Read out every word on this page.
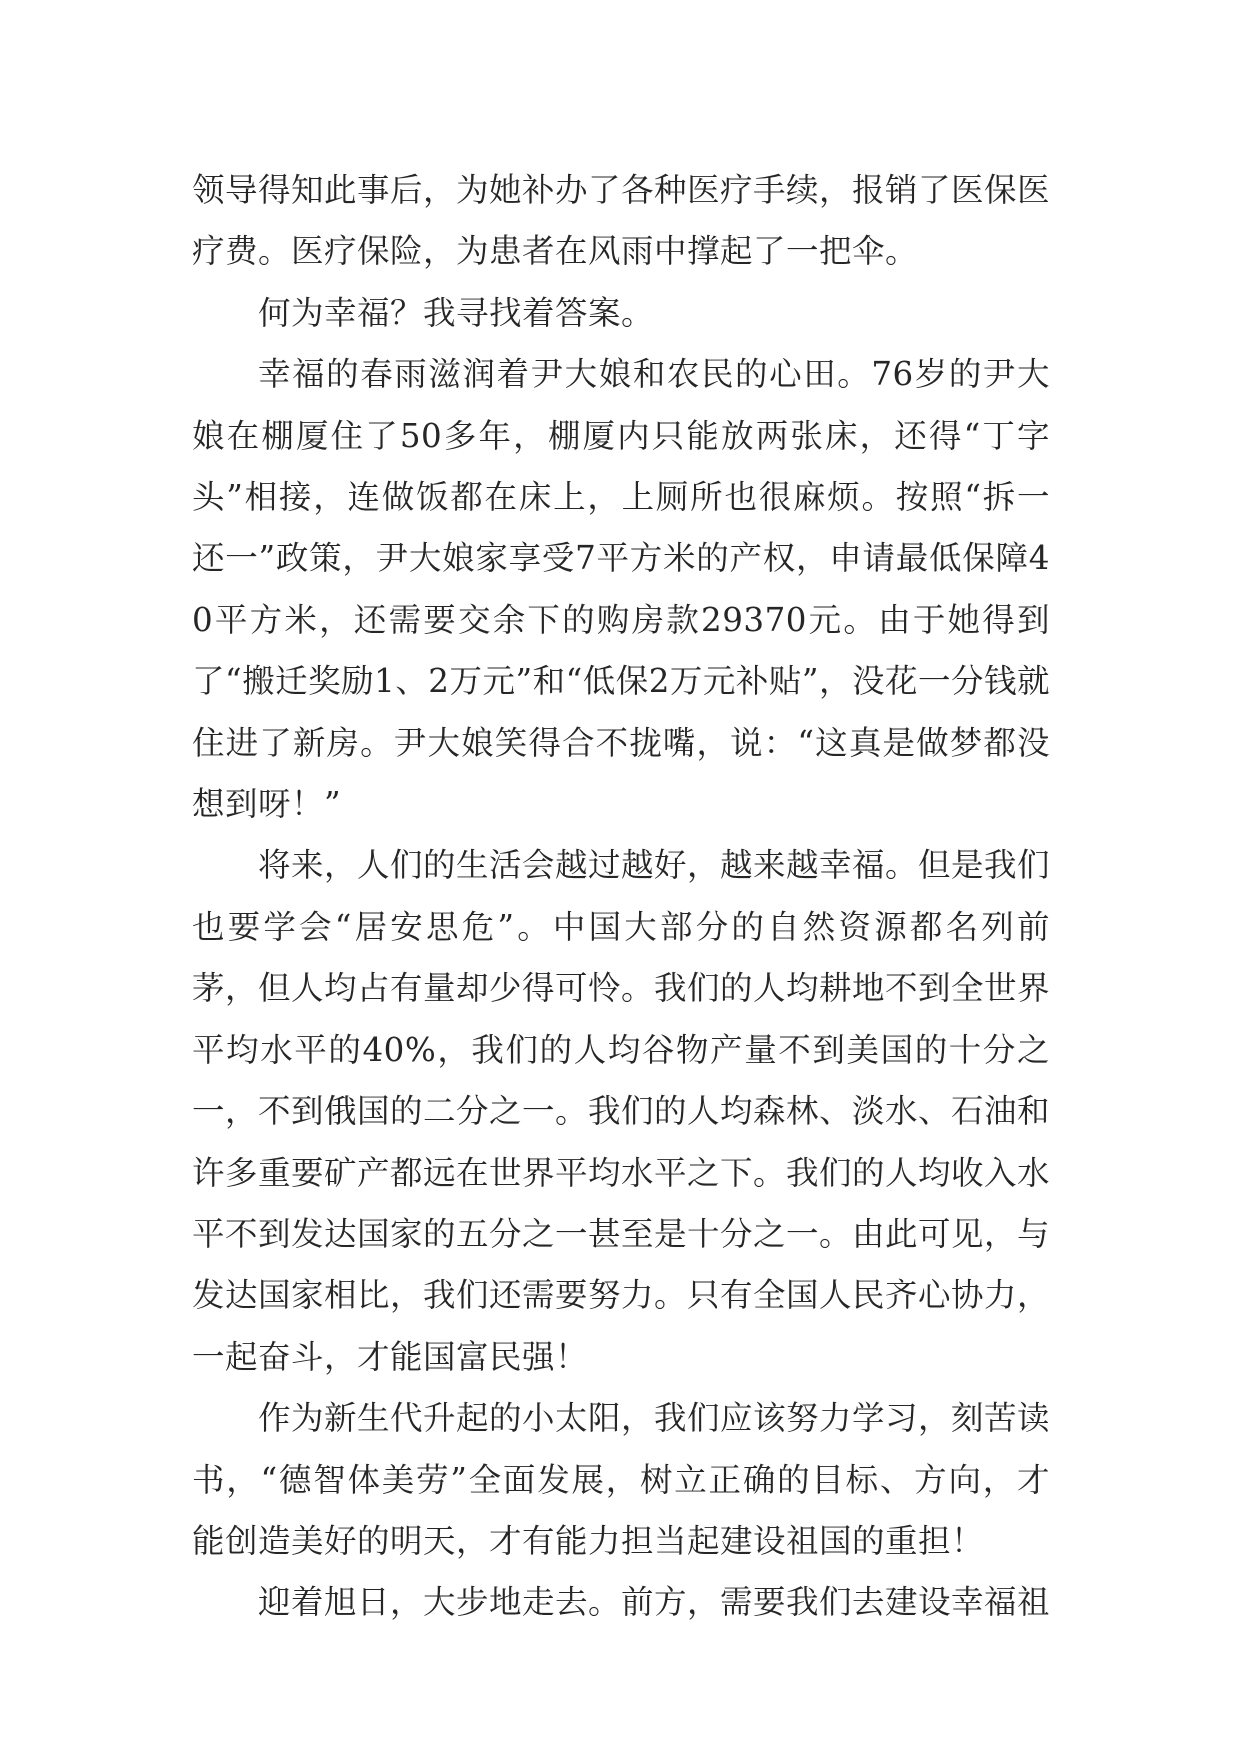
领导得知此事后，为她补办了各种医疗手续，报销了医保医疗费。医疗保险，为患者在风雨中撑起了一把伞。

何为幸福？我寻找着答案。

幸福的春雨滋润着尹大娘和农民的心田。76岁的尹大娘在棚厦住了50多年，棚厦内只能放两张床，还得“丁字头”相接，连做饭都在床上，上厕所也很麻烦。按照“拆一还一”政策，尹大娘家享受7平方米的产权，申请最低保障40平方米，还需要交余下的购房款29370元。由于她得到了“搬迁奖励1、2万元”和“低保2万元补贴”，没花一分钱就住进了新房。尹大娘笑得合不拢嘴，说：“这真是做梦都没想到呀！”

将来，人们的生活会越过越好，越来越幸福。但是我们也要学会“居安思危”。中国大部分的自然资源都名列前茅，但人均占有量却少得可怜。我们的人均耕地不到全世界平均水平的40%，我们的人均谷物产量不到美国的十分之一，不到俄国的二分之一。我们的人均森林、淡水、石油和许多重要矿产都远在世界平均水平之下。我们的人均收入水平不到发达国家的五分之一甚至是十分之一。由此可见，与发达国家相比，我们还需要努力。只有全国人民齐心协力，一起奋斗，才能国富民强！

作为新生代升起的小太阳，我们应该努力学习，刻苦读书，“德智体美劳”全面发展，树立正确的目标、方向，才能创造美好的明天，才有能力担当起建设祖国的重担！

迎着旭日，大步地走去。前方，需要我们去建设幸福祖
